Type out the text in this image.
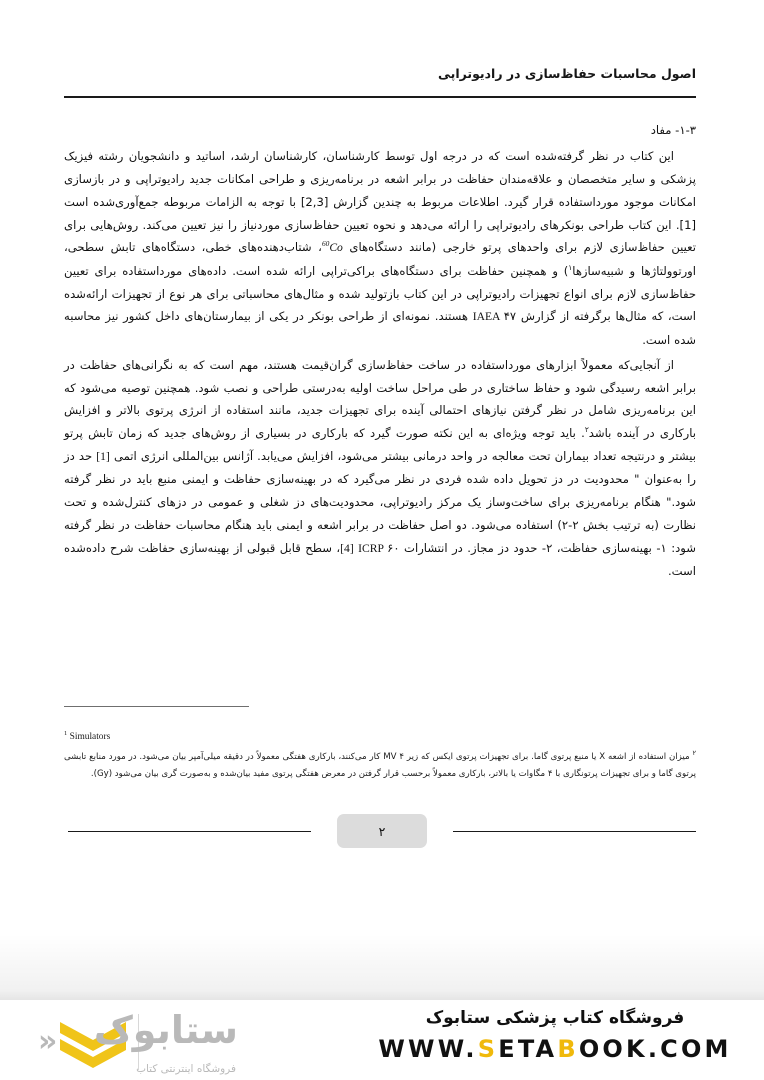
اصول محاسبات حفاظ‌سازی در رادیوتراپی
۱-۳- مفاد

این کتاب در نظر گرفته‌شده است که در درجه اول توسط کارشناسان، کارشناسان ارشد، اساتید و دانشجویان رشته فیزیک پزشکی و سایر متخصصان و علاقه‌مندان حفاظت در برابر اشعه در برنامه‌ریزی و طراحی امکانات جدید رادیوتراپی و در بازسازی امکانات موجود مورداستفاده قرار گیرد. اطلاعات مربوط به چندین گزارش [2,3] با توجه به الزامات مربوطه جمع‌آوری‌شده است [1]. این کتاب طراحی بونکرهای رادیوتراپی را ارائه می‌دهد و نحوه تعیین حفاظ‌سازی موردنیاز را نیز تعیین می‌کند. روش‌هایی برای تعیین حفاظ‌سازی لازم برای واحدهای پرتو خارجی (مانند دستگاه‌های $^{60}$Co، شتاب‌دهنده‌های خطی، دستگاه‌های تابش سطحی، اورتوولتاژها و شبیه‌سازها$^۱$) و همچنین حفاظت برای دستگاه‌های براکی‌تراپی ارائه شده است. داده‌های مورداستفاده برای تعیین حفاظ‌سازی لازم برای انواع تجهیزات رادیوتراپی در این کتاب بازتولید شده و مثال‌های محاسباتی برای هر نوع از تجهیزات ارائه‌شده است، که مثال‌ها برگرفته از گزارش IAEA ۴۷ هستند. نمونه‌ای از طراحی بونکر در یکی از بیمارستان‌های داخل کشور نیز محاسبه شده است.

از آنجایی‌که معمولاً ابزارهای مورداستفاده در ساخت حفاظ‌سازی گران‌قیمت هستند، مهم است که به نگرانی‌های حفاظت در برابر اشعه رسیدگی شود و حفاظ ساختاری در طی مراحل ساخت اولیه به‌درستی طراحی و نصب شود. همچنین توصیه می‌شود که این برنامه‌ریزی شامل در نظر گرفتن نیازهای احتمالی آینده برای تجهیزات جدید، مانند استفاده از انرژی پرتوی بالاتر و افزایش بارکاری در آینده باشد$^۲$. باید توجه ویژه‌ای به این نکته صورت گیرد که بارکاری در بسیاری از روش‌های جدید که زمان تابش پرتو بیشتر و درنتیجه تعداد بیماران تحت معالجه در واحد درمانی بیشتر می‌شود، افزایش می‌یابد. آژانس بین‌المللی انرژی اتمی [1] حد دز را به‌عنوان " محدودیت در دز تحویل داده شده فردی در نظر می‌گیرد که در بهینه‌سازی حفاظت و ایمنی منبع باید در نظر گرفته شود." هنگام برنامه‌ریزی برای ساخت‌وساز یک مرکز رادیوتراپی، محدودیت‌های دز شغلی و عمومی در دزهای کنترل‌شده و تحت نظارت (به ترتیب بخش ۲-۲) استفاده می‌شود. دو اصل حفاظت در برابر اشعه و ایمنی باید هنگام محاسبات حفاظت در نظر گرفته شود: ۱- بهینه‌سازی حفاظت، ۲- حدود دز مجاز. در انتشارات ICRP ۶۰ [4]، سطح قابل قبولی از بهینه‌سازی حفاظت شرح داده‌شده است.

$^1$ Simulators

$^۲$ میزان استفاده از اشعه X یا منبع پرتوی گاما. برای تجهیزات پرتوی ایکس که زیر ۴ MV کار می‌کنند، بارکاری هفتگی معمولاً در دقیقه میلی‌آمپر بیان می‌شود. در مورد منابع تابشی پرتوی گاما و برای تجهیزات پرتونگاری با ۴ مگاوات یا بالاتر، بارکاری معمولاً برحسب قرار گرفتن در معرض هفتگی پرتوی مفید بیان‌شده و به‌صورت گری بیان می‌شود (Gy).

۲
« ستابوک
فروشگاه اینترنتی کتاب
فروشگاه کتاب پزشکی ستابوک
WWW.SETABOOK.COM
